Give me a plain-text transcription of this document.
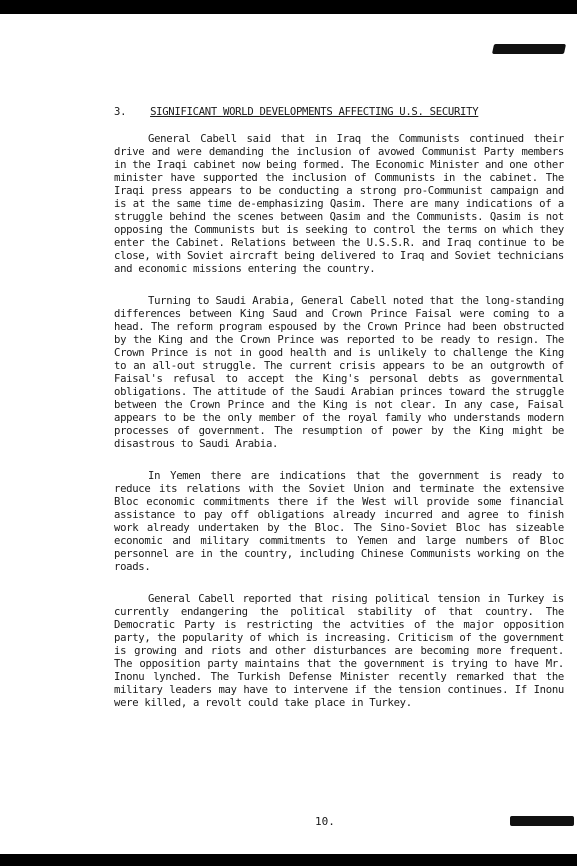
3. SIGNIFICANT WORLD DEVELOPMENTS AFFECTING U.S. SECURITY

General Cabell said that in Iraq the Communists continued their drive and were demanding the inclusion of avowed Communist Party members in the Iraqi cabinet now being formed. The Economic Minister and one other minister have supported the inclusion of Communists in the cabinet. The Iraqi press appears to be conducting a strong pro-Communist campaign and is at the same time de-emphasizing Qasim. There are many indications of a struggle behind the scenes between Qasim and the Communists. Qasim is not opposing the Communists but is seeking to control the terms on which they enter the Cabinet. Relations between the U.S.S.R. and Iraq continue to be close, with Soviet aircraft being delivered to Iraq and Soviet technicians and economic missions entering the country.

Turning to Saudi Arabia, General Cabell noted that the long-standing differences between King Saud and Crown Prince Faisal were coming to a head. The reform program espoused by the Crown Prince had been obstructed by the King and the Crown Prince was reported to be ready to resign. The Crown Prince is not in good health and is unlikely to challenge the King to an all-out struggle. The current crisis appears to be an outgrowth of Faisal's refusal to accept the King's personal debts as governmental obligations. The attitude of the Saudi Arabian princes toward the struggle between the Crown Prince and the King is not clear. In any case, Faisal appears to be the only member of the royal family who understands modern processes of government. The resumption of power by the King might be disastrous to Saudi Arabia.

In Yemen there are indications that the government is ready to reduce its relations with the Soviet Union and terminate the extensive Bloc economic commitments there if the West will provide some financial assistance to pay off obligations already incurred and agree to finish work already undertaken by the Bloc. The Sino-Soviet Bloc has sizeable economic and military commitments to Yemen and large numbers of Bloc personnel are in the country, including Chinese Communists working on the roads.

General Cabell reported that rising political tension in Turkey is currently endangering the political stability of that country. The Democratic Party is restricting the actvities of the major opposition party, the popularity of which is increasing. Criticism of the government is growing and riots and other disturbances are becoming more frequent. The opposition party maintains that the government is trying to have Mr. Inonu lynched. The Turkish Defense Minister recently remarked that the military leaders may have to intervene if the tension continues. If Inonu were killed, a revolt could take place in Turkey.

10.
